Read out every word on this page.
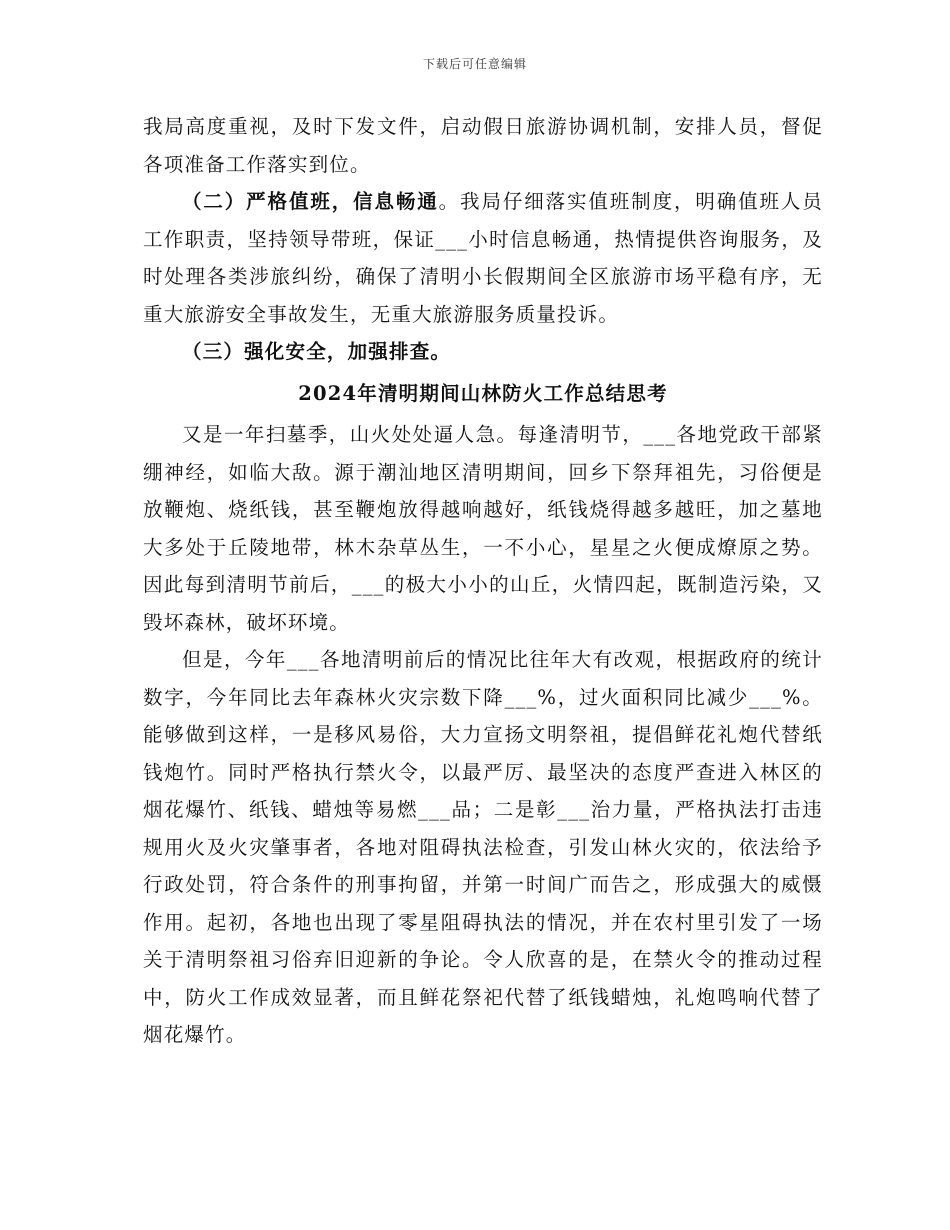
下载后可任意编辑

我局高度重视，及时下发文件，启动假日旅游协调机制，安排人员，督促各项准备工作落实到位。

（二）严格值班，信息畅通。我局仔细落实值班制度，明确值班人员工作职责，坚持领导带班，保证___小时信息畅通，热情提供咨询服务，及时处理各类涉旅纠纷，确保了清明小长假期间全区旅游市场平稳有序，无重大旅游安全事故发生，无重大旅游服务质量投诉。

（三）强化安全，加强排查。

2024年清明期间山林防火工作总结思考

又是一年扫墓季，山火处处逼人急。每逢清明节，___各地党政干部紧绷神经，如临大敌。源于潮汕地区清明期间，回乡下祭拜祖先，习俗便是放鞭炮、烧纸钱，甚至鞭炮放得越响越好，纸钱烧得越多越旺，加之墓地大多处于丘陵地带，林木杂草丛生，一不小心，星星之火便成燎原之势。因此每到清明节前后，___的极大小小的山丘，火情四起，既制造污染，又毁坏森林，破坏环境。

但是，今年___各地清明前后的情况比往年大有改观，根据政府的统计数字，今年同比去年森林火灾宗数下降___%，过火面积同比减少___%。能够做到这样，一是移风易俗，大力宣扬文明祭祖，提倡鲜花礼炮代替纸钱炮竹。同时严格执行禁火令，以最严厉、最坚决的态度严查进入林区的烟花爆竹、纸钱、蜡烛等易燃___品；二是彰___治力量，严格执法打击违规用火及火灾肇事者，各地对阻碍执法检查，引发山林火灾的，依法给予行政处罚，符合条件的刑事拘留，并第一时间广而告之，形成强大的威慑作用。起初，各地也出现了零星阻碍执法的情况，并在农村里引发了一场关于清明祭祖习俗弃旧迎新的争论。令人欣喜的是，在禁火令的推动过程中，防火工作成效显著，而且鲜花祭祀代替了纸钱蜡烛，礼炮鸣响代替了烟花爆竹。
